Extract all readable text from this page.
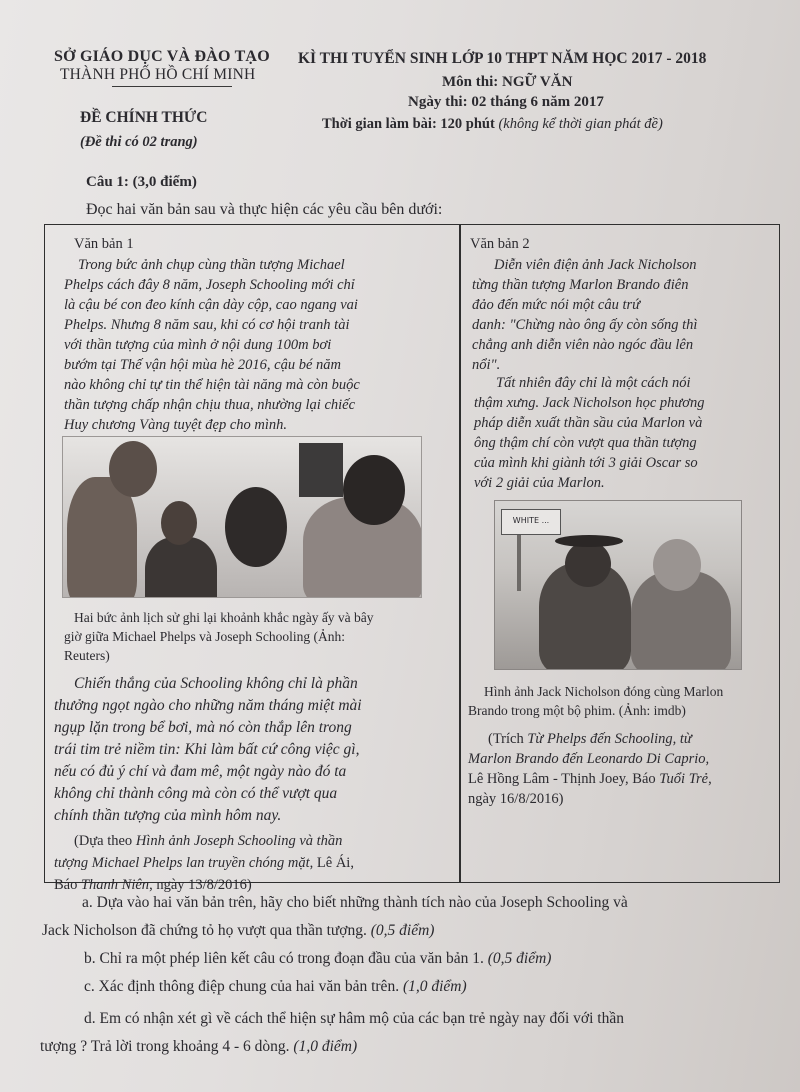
SỞ GIÁO DỤC VÀ ĐÀO TẠO
THÀNH PHỐ HỒ CHÍ MINH
ĐỀ CHÍNH THỨC
(Đề thi có 02 trang)
KÌ THI TUYỂN SINH LỚP 10 THPT NĂM HỌC 2017 - 2018
Môn thi: NGỮ VĂN
Ngày thi: 02 tháng 6 năm 2017
Thời gian làm bài: 120 phút (không kể thời gian phát đề)
Câu 1: (3,0 điểm)
Đọc hai văn bản sau và thực hiện các yêu cầu bên dưới:
Văn bản 1
Trong bức ảnh chụp cùng thần tượng Michael
Phelps cách đây 8 năm, Joseph Schooling mới chỉ
là cậu bé con đeo kính cận dày cộp, cao ngang vai
Phelps. Nhưng 8 năm sau, khi có cơ hội tranh tài
với thần tượng của mình ở nội dung 100m bơi
bướm tại Thế vận hội mùa hè 2016, cậu bé năm
nào không chỉ tự tin thể hiện tài năng mà còn buộc
thần tượng chấp nhận chịu thua, nhường lại chiếc
Huy chương Vàng tuyệt đẹp cho mình.
Hai bức ảnh lịch sử ghi lại khoảnh khắc ngày ấy và bây
giờ giữa Michael Phelps và Joseph Schooling (Ảnh:
Reuters)
Chiến thắng của Schooling không chỉ là phần
thưởng ngọt ngào cho những năm tháng miệt mài
ngụp lặn trong bể bơi, mà nó còn thắp lên trong
trái tim trẻ niềm tin: Khi làm bất cứ công việc gì,
nếu có đủ ý chí và đam mê, một ngày nào đó ta
không chỉ thành công mà còn có thể vượt qua
chính thần tượng của mình hôm nay.
(Dựa theo Hình ảnh Joseph Schooling và thần
tượng Michael Phelps lan truyền chóng mặt, Lê Ái,
Báo Thanh Niên, ngày 13/8/2016)
Văn bản 2
Diễn viên điện ảnh Jack Nicholson
từng thần tượng Marlon Brando điên
đảo đến mức nói một câu trứ
danh: "Chừng nào ông ấy còn sống thì
chẳng anh diễn viên nào ngóc đầu lên
nổi".
Tất nhiên đây chỉ là một cách nói
thậm xưng. Jack Nicholson học phương
pháp diễn xuất thần sầu của Marlon và
ông thậm chí còn vượt qua thần tượng
của mình khi giành tới 3 giải Oscar so
với 2 giải của Marlon.
WHITE ...
Hình ảnh Jack Nicholson đóng cùng Marlon
Brando trong một bộ phim. (Ảnh: imdb)
(Trích Từ Phelps đến Schooling, từ
Marlon Brando đến Leonardo Di Caprio,
Lê Hồng Lâm - Thịnh Joey, Báo Tuổi Trẻ,
ngày 16/8/2016)
a. Dựa vào hai văn bản trên, hãy cho biết những thành tích nào của Joseph Schooling và
Jack Nicholson đã chứng tỏ họ vượt qua thần tượng. (0,5 điểm)
b. Chỉ ra một phép liên kết câu có trong đoạn đầu của văn bản 1. (0,5 điểm)
c. Xác định thông điệp chung của hai văn bản trên. (1,0 điểm)
d. Em có nhận xét gì về cách thể hiện sự hâm mộ của các bạn trẻ ngày nay đối với thần
tượng ? Trả lời trong khoảng 4 - 6 dòng. (1,0 điểm)
